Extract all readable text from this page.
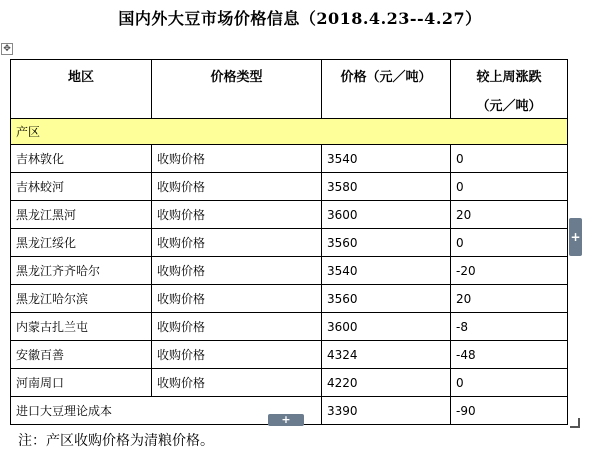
国内外大豆市场价格信息（2018.4.23--4.27）
✥
地区	价格类型	价格（元／吨）	较上周涨跌
（元／吨）

产区			
吉林敦化	收购价格	3540	0
吉林蛟河	收购价格	3580	0
黑龙江黑河	收购价格	3600	20
黑龙江绥化	收购价格	3560	0
黑龙江齐齐哈尔	收购价格	3540	-20
黑龙江哈尔滨	收购价格	3560	20
内蒙古扎兰屯	收购价格	3600	-8
安徽百善	收购价格	4324	-48
河南周口	收购价格	4220	0
进口大豆理论成本		3390	-90
+
+
注：产区收购价格为清粮价格。
